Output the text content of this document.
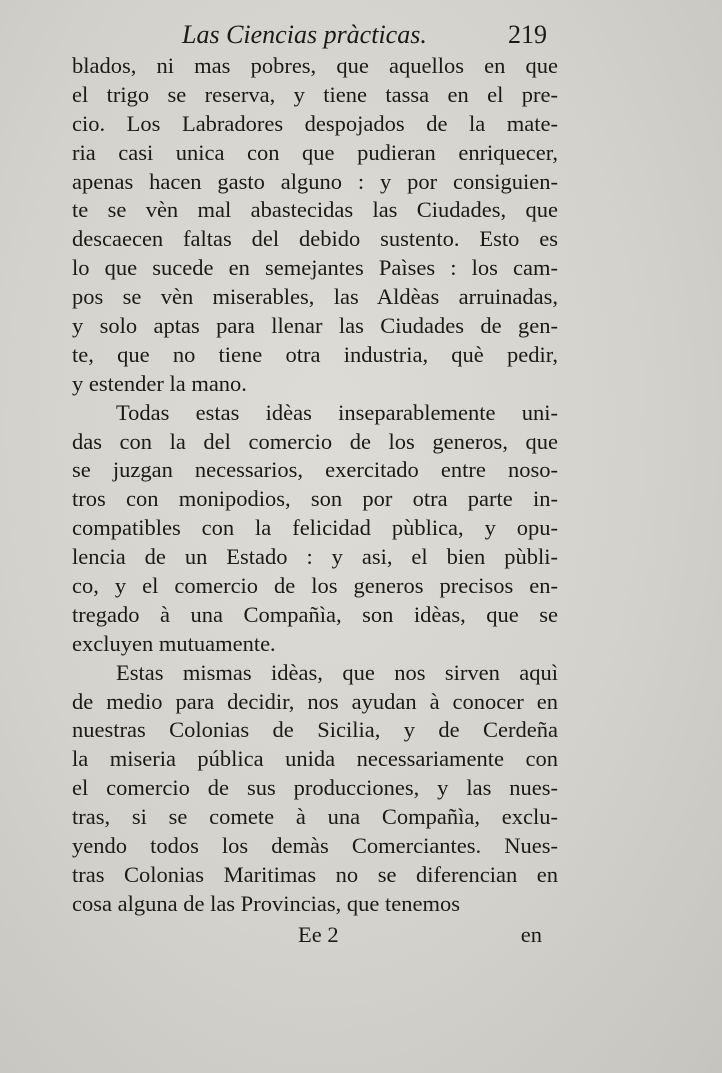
Las Ciencias pràcticas.	219
blados, ni mas pobres, que aquellos en que
el trigo se reserva, y tiene tassa en el pre-
cio. Los Labradores despojados de la mate-
ria casi unica con que pudieran enriquecer,
apenas hacen gasto alguno : y por consiguien-
te se vèn mal abastecidas las Ciudades, que
descaecen faltas del debido sustento. Esto es
lo que sucede en semejantes Paìses : los cam-
pos se vèn miserables, las Aldèas arruinadas,
y solo aptas para llenar las Ciudades de gen-
te, que no tiene otra industria, què pedir,
y estender la mano.
Todas estas idèas inseparablemente uni-
das con la del comercio de los generos, que
se juzgan necessarios, exercitado entre noso-
tros con monipodios, son por otra parte in-
compatibles con la felicidad pùblica, y opu-
lencia de un Estado : y asi, el bien pùbli-
co, y el comercio de los generos precisos en-
tregado à una Compañìa, son idèas, que se
excluyen mutuamente.
Estas mismas idèas, que nos sirven aquì
de medio para decidir, nos ayudan à conocer en
nuestras Colonias de Sicilia, y de Cerdeña
la miseria pública unida necessariamente con
el comercio de sus producciones, y las nues-
tras, si se comete à una Compañìa, exclu-
yendo todos los demàs Comerciantes. Nues-
tras Colonias Maritimas no se diferencian en
cosa alguna de las Provincias, que tenemos
Ee 2	en
